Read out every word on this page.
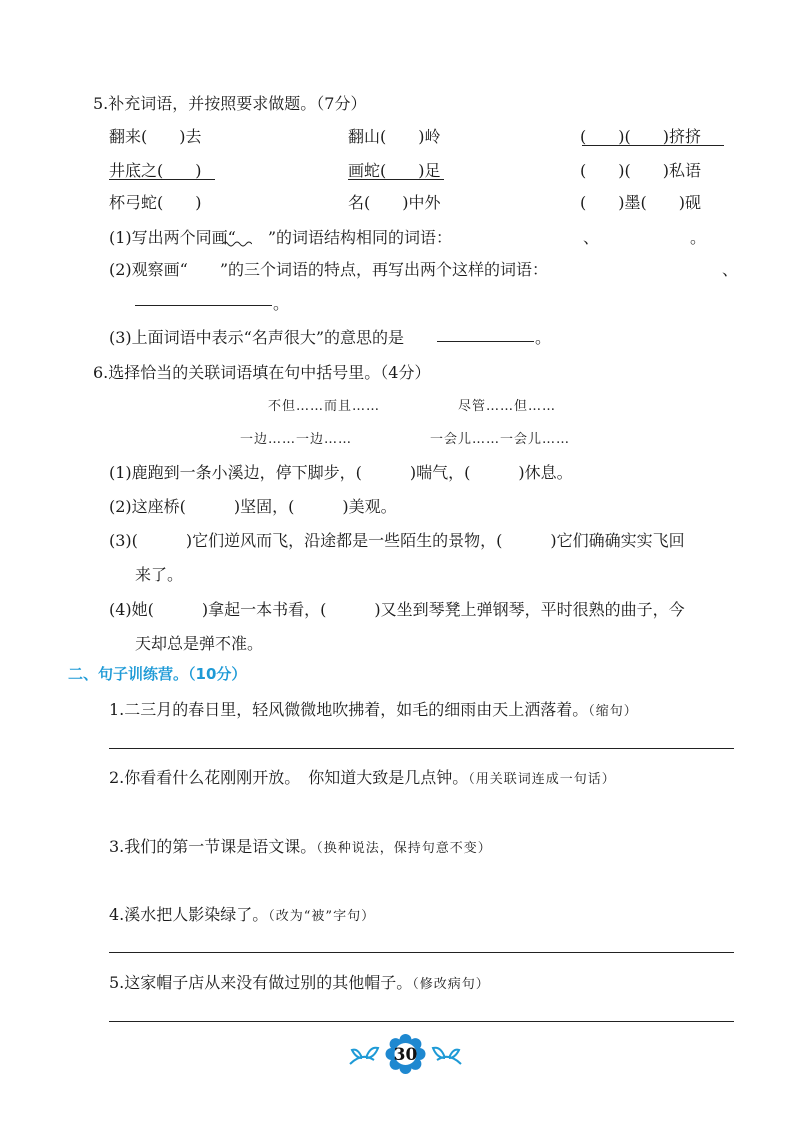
5.补充词语，并按照要求做题。（7分）
翻来(　　)去	翻山(　　)岭	(　　)(　　)挤挤
井底之(　　)	画蛇(　　)足	(　　)(　　)私语
杯弓蛇(　　)	名(　　)中外	(　　)墨(　　)砚
(1)写出两个同画“　　”的词语结构相同的词语：	、	。
(2)观察画“　　”的三个词语的特点，再写出两个这样的词语：	、
。
(3)上面词语中表示“名声很大”的意思的是	。
6.选择恰当的关联词语填在句中括号里。（4分）
不但……而且……	尽管……但……
一边……一边……	一会儿……一会儿……
(1)鹿跑到一条小溪边，停下脚步，(　　　)喘气，(　　　)休息。
(2)这座桥(　　　)坚固，(　　　)美观。
(3)(　　　)它们逆风而飞，沿途都是一些陌生的景物，(　　　)它们确确实实飞回
来了。
(4)她(　　　)拿起一本书看，(　　　)又坐到琴凳上弹钢琴，平时很熟的曲子，今
天却总是弹不准。
二、句子训练营。（10分）
1.二三月的春日里，轻风微微地吹拂着，如毛的细雨由天上洒落着。（缩句）
2.你看看什么花刚刚开放。　你知道大致是几点钟。（用关联词连成一句话）
3.我们的第一节课是语文课。（换种说法，保持句意不变）
4.溪水把人影染绿了。（改为“被”字句）
5.这家帽子店从来没有做过别的其他帽子。（修改病句）
30
